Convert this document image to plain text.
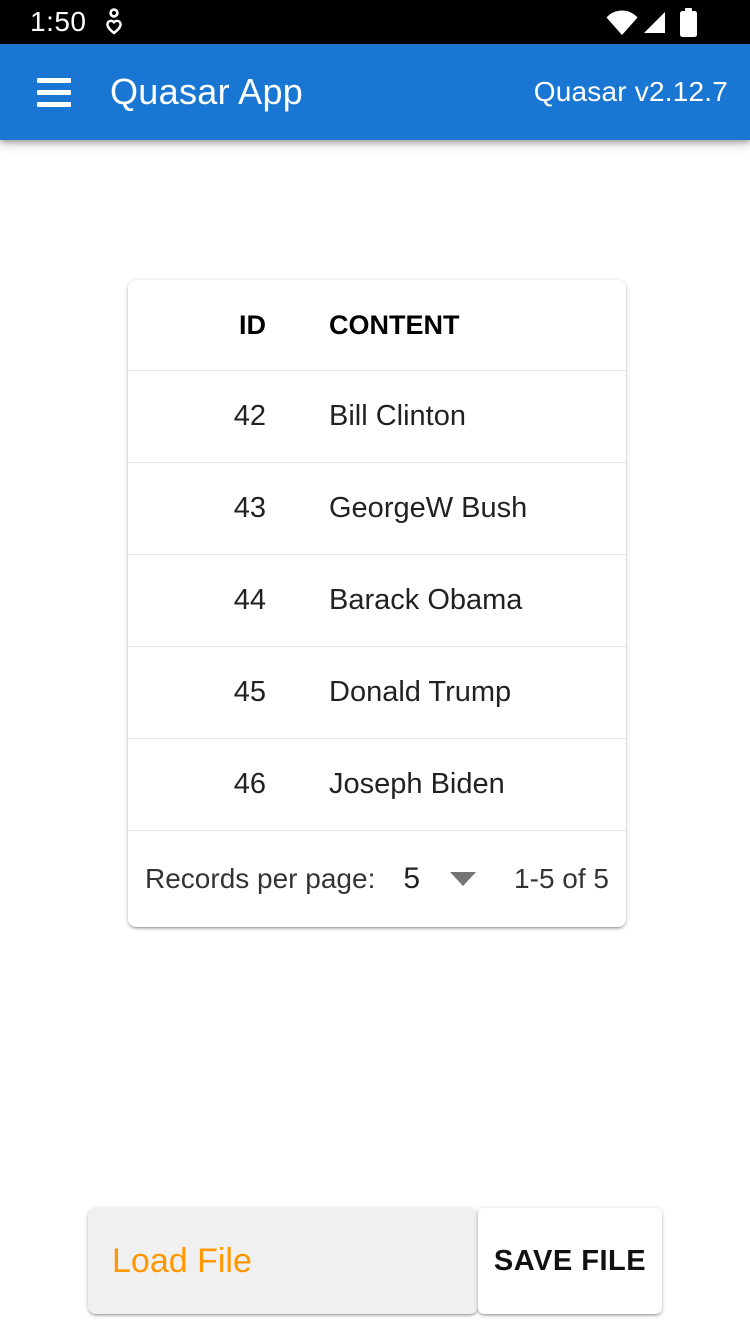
1:50
Quasar App	Quasar v2.12.7
ID CONTENT
42 Bill Clinton
43 GeorgeW Bush
44 Barack Obama
45 Donald Trump
46 Joseph Biden
Records per page: 5	1-5 of 5
Load File	SAVE FILE
